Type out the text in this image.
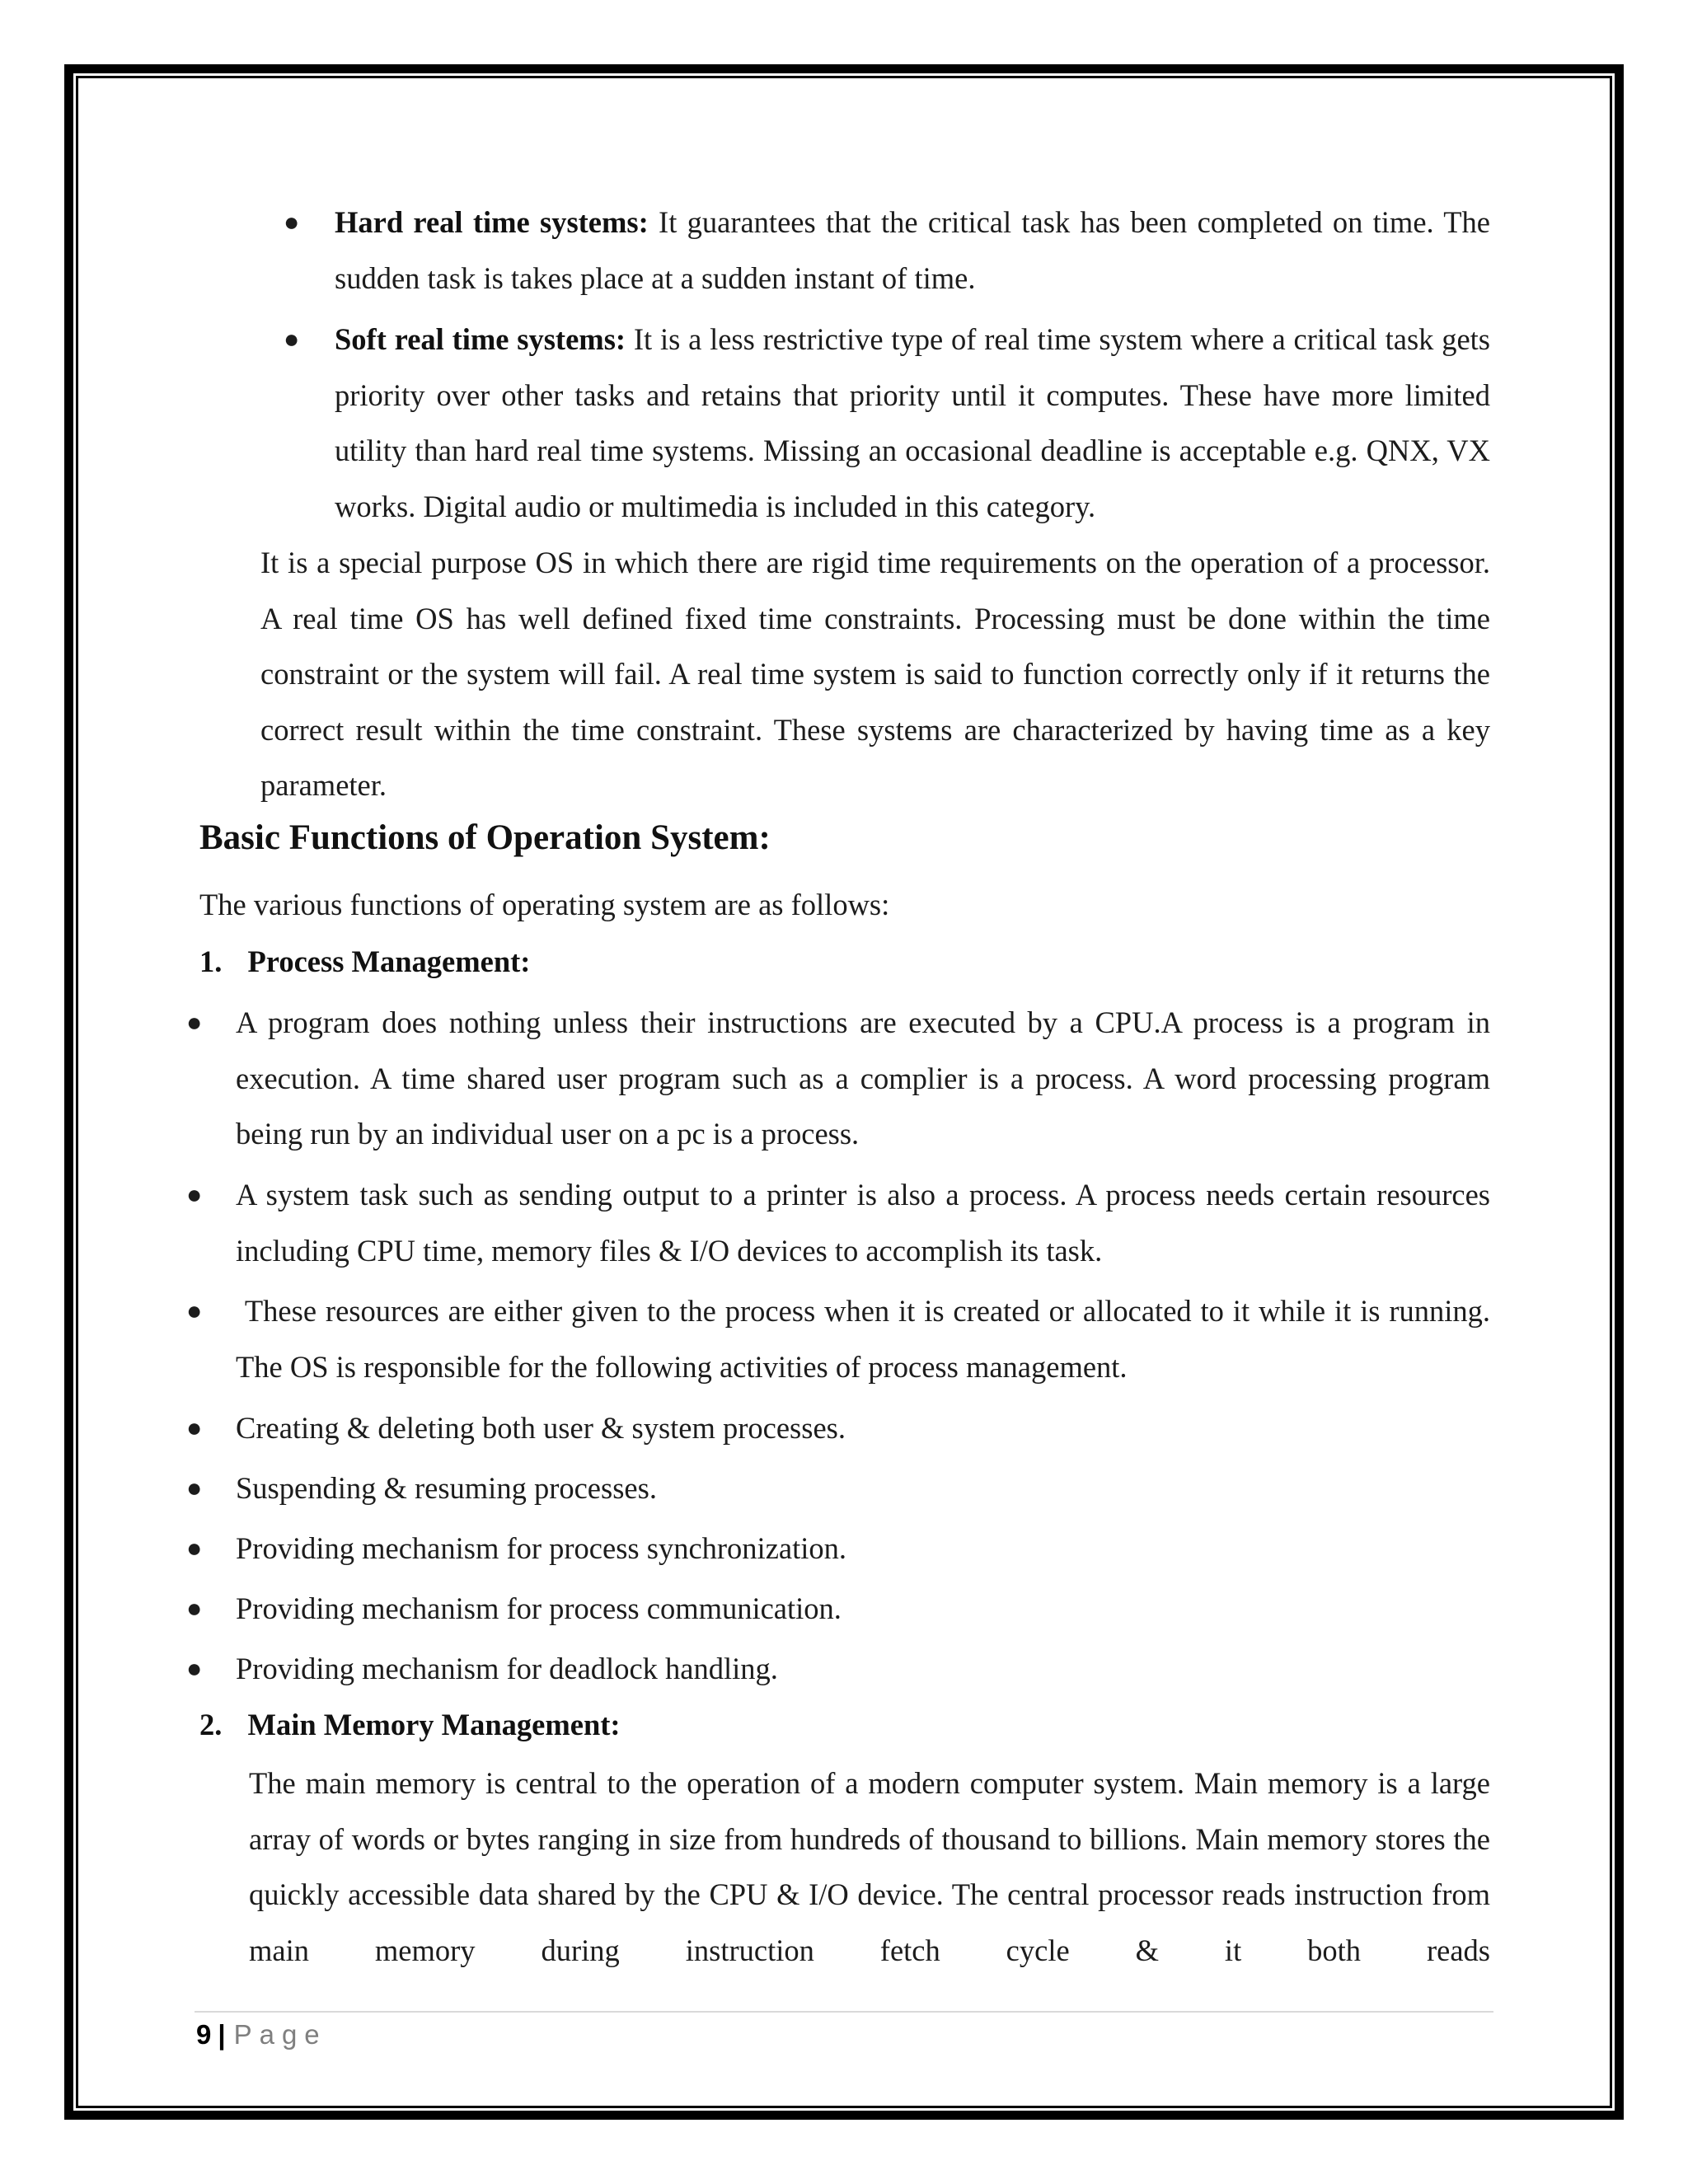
● Hard real time systems: It guarantees that the critical task has been completed on time. The sudden task is takes place at a sudden instant of time.

● Soft real time systems: It is a less restrictive type of real time system where a critical task gets priority over other tasks and retains that priority until it computes. These have more limited utility than hard real time systems. Missing an occasional deadline is acceptable e.g. QNX, VX works. Digital audio or multimedia is included in this category.

It is a special purpose OS in which there are rigid time requirements on the operation of a processor. A real time OS has well defined fixed time constraints. Processing must be done within the time constraint or the system will fail. A real time system is said to function correctly only if it returns the correct result within the time constraint. These systems are characterized by having time as a key parameter.

Basic Functions of Operation System:
The various functions of operating system are as follows:
1. Process Management:
● A program does nothing unless their instructions are executed by a CPU.A process is a program in execution. A time shared user program such as a complier is a process. A word processing program being run by an individual user on a pc is a process.

● A system task such as sending output to a printer is also a process. A process needs certain resources including CPU time, memory files & I/O devices to accomplish its task.

● These resources are either given to the process when it is created or allocated to it while it is running. The OS is responsible for the following activities of process management.

● Creating & deleting both user & system processes.
● Suspending & resuming processes.
● Providing mechanism for process synchronization.
● Providing mechanism for process communication.
● Providing mechanism for deadlock handling.
2. Main Memory Management:

The main memory is central to the operation of a modern computer system. Main memory is a large array of words or bytes ranging in size from hundreds of thousand to billions. Main memory stores the quickly accessible data shared by the CPU & I/O device. The central processor reads instruction from main memory during instruction fetch cycle & it both reads

9 | Page
